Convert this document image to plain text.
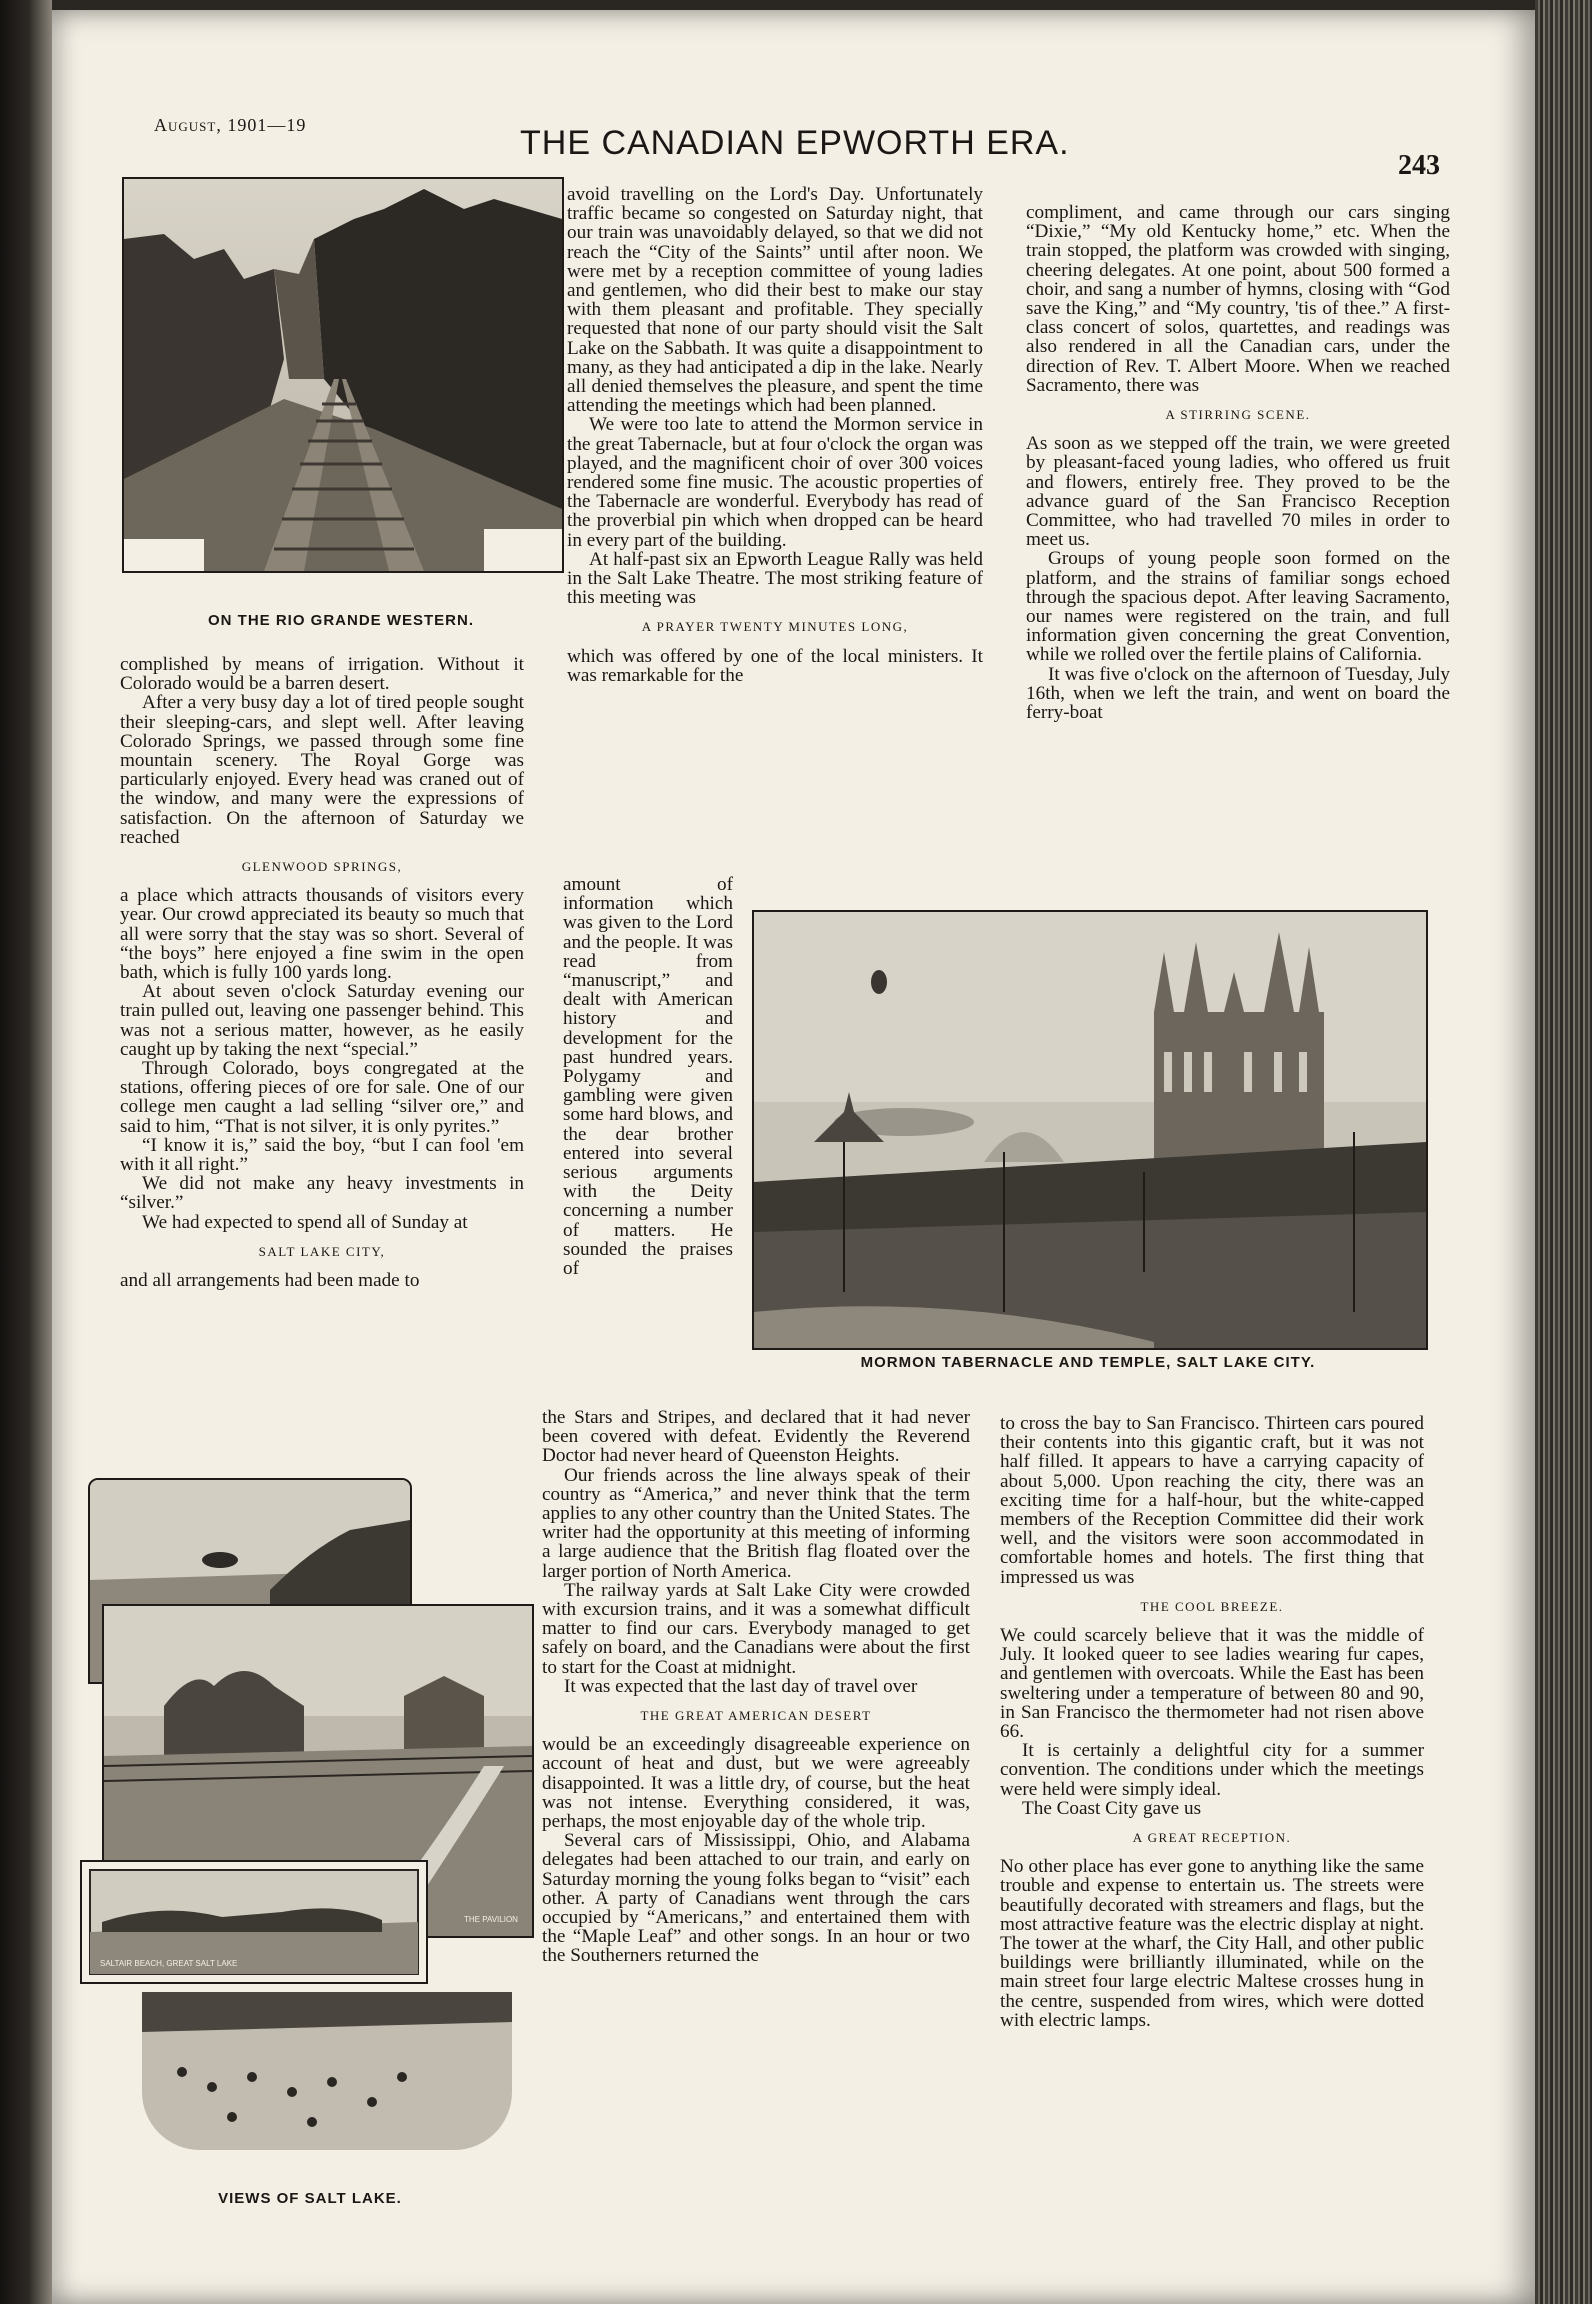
August, 1901—19	THE CANADIAN EPWORTH ERA.
243
ON THE RIO GRANDE WESTERN.
MORMON TABERNACLE AND TEMPLE, SALT LAKE CITY.
THE PAVILION
SALTAIR BEACH, GREAT SALT LAKE
VIEWS OF SALT LAKE.

complished by means of irrigation. Without it Colorado would be a barren desert.

After a very busy day a lot of tired people sought their sleeping-cars, and slept well. After leaving Colorado Springs, we passed through some fine mountain scenery. The Royal Gorge was particularly enjoyed. Every head was craned out of the window, and many were the expressions of satisfaction. On the afternoon of Saturday we reached

GLENWOOD SPRINGS,

a place which attracts thousands of visitors every year. Our crowd appreciated its beauty so much that all were sorry that the stay was so short. Several of “the boys” here enjoyed a fine swim in the open bath, which is fully 100 yards long.

At about seven o'clock Saturday evening our train pulled out, leaving one passenger behind. This was not a serious matter, however, as he easily caught up by taking the next “special.”

Through Colorado, boys congregated at the stations, offering pieces of ore for sale. One of our college men caught a lad selling “silver ore,” and said to him, “That is not silver, it is only pyrites.”

“I know it is,” said the boy, “but I can fool 'em with it all right.”

We did not make any heavy investments in “silver.”

We had expected to spend all of Sunday at

SALT LAKE CITY,

and all arrangements had been made to

avoid travelling on the Lord's Day. Unfortunately traffic became so congested on Saturday night, that our train was unavoidably delayed, so that we did not reach the “City of the Saints” until after noon. We were met by a reception committee of young ladies and gentlemen, who did their best to make our stay with them pleasant and profitable. They specially requested that none of our party should visit the Salt Lake on the Sabbath. It was quite a disappointment to many, as they had anticipated a dip in the lake. Nearly all denied themselves the pleasure, and spent the time attending the meetings which had been planned.

We were too late to attend the Mormon service in the great Tabernacle, but at four o'clock the organ was played, and the magnificent choir of over 300 voices rendered some fine music. The acoustic properties of the Tabernacle are wonderful. Everybody has read of the proverbial pin which when dropped can be heard in every part of the building.

At half-past six an Epworth League Rally was held in the Salt Lake Theatre. The most striking feature of this meeting was

A PRAYER TWENTY MINUTES LONG,

which was offered by one of the local ministers. It was remarkable for the

amount of information which was given to the Lord and the people. It was read from “manuscript,” and dealt with American history and development for the past hundred years. Polygamy and gambling were given some hard blows, and the dear brother entered into several serious arguments with the Deity concerning a number of matters. He sounded the praises of

the Stars and Stripes, and declared that it had never been covered with defeat. Evidently the Reverend Doctor had never heard of Queenston Heights.

Our friends across the line always speak of their country as “America,” and never think that the term applies to any other country than the United States. The writer had the opportunity at this meeting of informing a large audience that the British flag floated over the larger portion of North America.

The railway yards at Salt Lake City were crowded with excursion trains, and it was a somewhat difficult matter to find our cars. Everybody managed to get safely on board, and the Canadians were about the first to start for the Coast at midnight.

It was expected that the last day of travel over

THE GREAT AMERICAN DESERT

would be an exceedingly disagreeable experience on account of heat and dust, but we were agreeably disappointed. It was a little dry, of course, but the heat was not intense. Everything considered, it was, perhaps, the most enjoyable day of the whole trip.

Several cars of Mississippi, Ohio, and Alabama delegates had been attached to our train, and early on Saturday morning the young folks began to “visit” each other. A party of Canadians went through the cars occupied by “Americans,” and entertained them with the “Maple Leaf” and other songs. In an hour or two the Southerners returned the

compliment, and came through our cars singing “Dixie,” “My old Kentucky home,” etc. When the train stopped, the platform was crowded with singing, cheering delegates. At one point, about 500 formed a choir, and sang a number of hymns, closing with “God save the King,” and “My country, 'tis of thee.” A first-class concert of solos, quartettes, and readings was also rendered in all the Canadian cars, under the direction of Rev. T. Albert Moore. When we reached Sacramento, there was

A STIRRING SCENE.

As soon as we stepped off the train, we were greeted by pleasant-faced young ladies, who offered us fruit and flowers, entirely free. They proved to be the advance guard of the San Francisco Reception Committee, who had travelled 70 miles in order to meet us.

Groups of young people soon formed on the platform, and the strains of familiar songs echoed through the spacious depot. After leaving Sacramento, our names were registered on the train, and full information given concerning the great Convention, while we rolled over the fertile plains of California.

It was five o'clock on the afternoon of Tuesday, July 16th, when we left the train, and went on board the ferry-boat

to cross the bay to San Francisco. Thirteen cars poured their contents into this gigantic craft, but it was not half filled. It appears to have a carrying capacity of about 5,000. Upon reaching the city, there was an exciting time for a half-hour, but the white-capped members of the Reception Committee did their work well, and the visitors were soon accommodated in comfortable homes and hotels. The first thing that impressed us was

THE COOL BREEZE.

We could scarcely believe that it was the middle of July. It looked queer to see ladies wearing fur capes, and gentlemen with overcoats. While the East has been sweltering under a temperature of between 80 and 90, in San Francisco the thermometer had not risen above 66.

It is certainly a delightful city for a summer convention. The conditions under which the meetings were held were simply ideal.

The Coast City gave us

A GREAT RECEPTION.

No other place has ever gone to anything like the same trouble and expense to entertain us. The streets were beautifully decorated with streamers and flags, but the most attractive feature was the electric display at night. The tower at the wharf, the City Hall, and other public buildings were brilliantly illuminated, while on the main street four large electric Maltese crosses hung in the centre, suspended from wires, which were dotted with electric lamps.
